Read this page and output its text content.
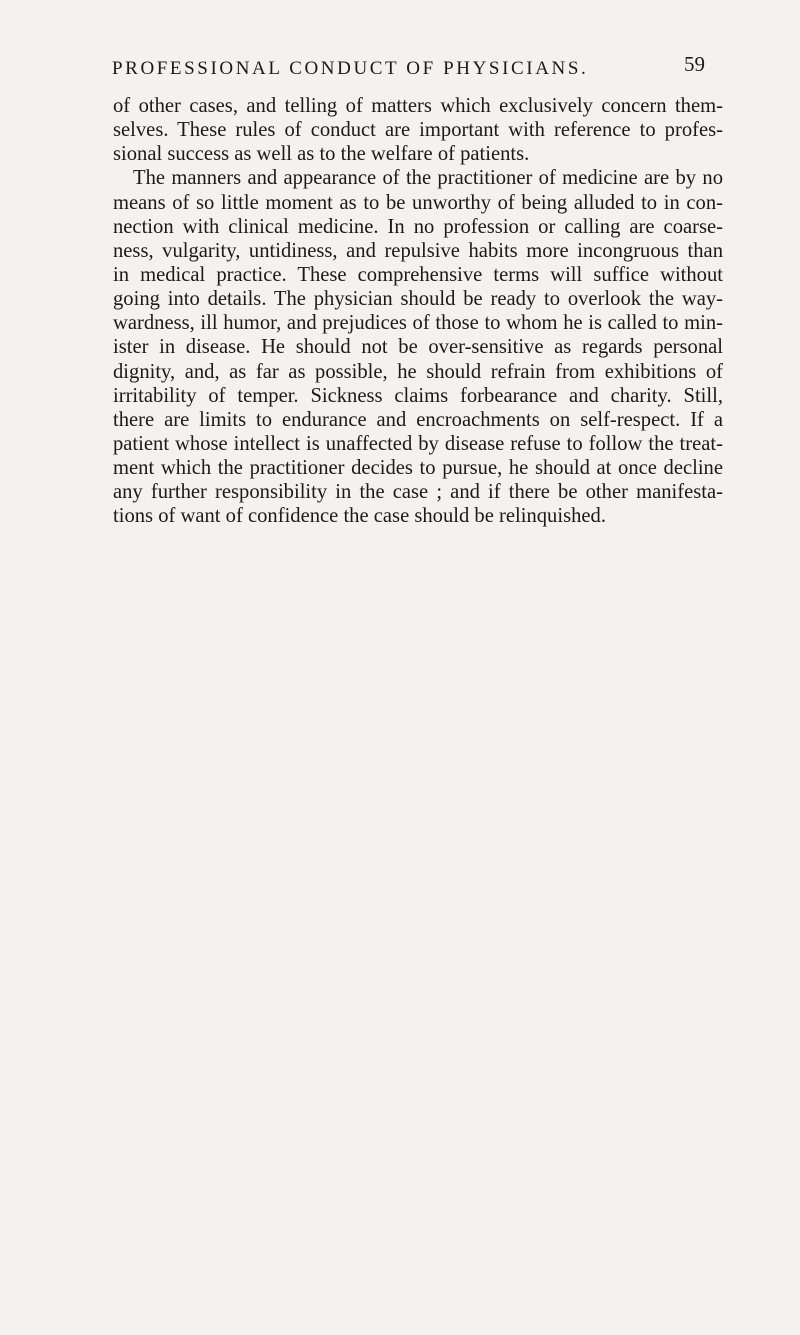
PROFESSIONAL CONDUCT OF PHYSICIANS.	59
of other cases, and telling of matters which exclusively concern them-
selves. These rules of conduct are important with reference to profes-
sional success as well as to the welfare of patients.
The manners and appearance of the practitioner of medicine are by no
means of so little moment as to be unworthy of being alluded to in con-
nection with clinical medicine. In no profession or calling are coarse-
ness, vulgarity, untidiness, and repulsive habits more incongruous than
in medical practice. These comprehensive terms will suffice without
going into details. The physician should be ready to overlook the way-
wardness, ill humor, and prejudices of those to whom he is called to min-
ister in disease. He should not be over-sensitive as regards personal
dignity, and, as far as possible, he should refrain from exhibitions of
irritability of temper. Sickness claims forbearance and charity. Still,
there are limits to endurance and encroachments on self-respect. If a
patient whose intellect is unaffected by disease refuse to follow the treat-
ment which the practitioner decides to pursue, he should at once decline
any further responsibility in the case ; and if there be other manifesta-
tions of want of confidence the case should be relinquished.
